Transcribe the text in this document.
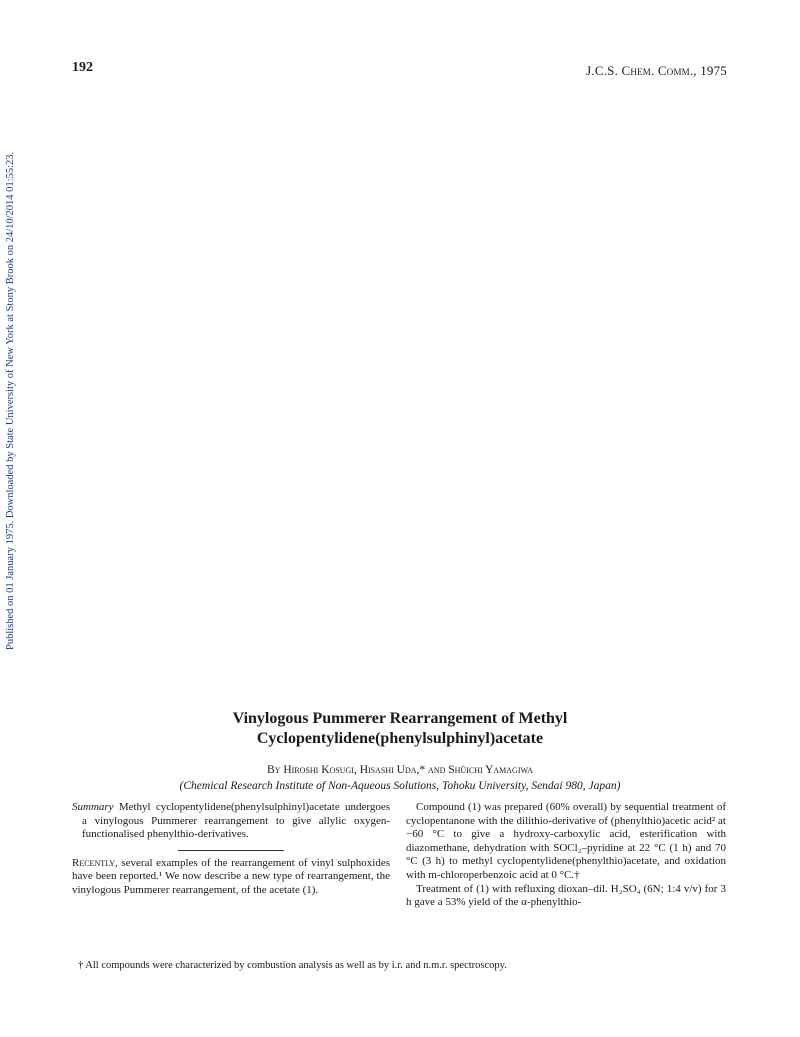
192	J.C.S. Chem. Comm., 1975
Published on 01 January 1975. Downloaded by State University of New York at Stony Brook on 24/10/2014 01:55:23.
Vinylogous Pummerer Rearrangement of Methyl
Cyclopentylidene(phenylsulphinyl)acetate
By Hiroshi Kosugi, Hisashi Uda,* and Shûichi Yamagiwa
(Chemical Research Institute of Non-Aqueous Solutions, Tohoku University, Sendai 980, Japan)

Summary Methyl cyclopentylidene(phenylsulphinyl)acetate undergoes a vinylogous Pummerer rearrangement to give allylic oxygen-functionalised phenylthio-derivatives.

Recently, several examples of the rearrangement of vinyl sulphoxides have been reported.¹ We now describe a new type of rearrangement, the vinylogous Pummerer rearrangement, of the acetate (1).

Compound (1) was prepared (60% overall) by sequential treatment of cyclopentanone with the dilithio-derivative of (phenylthio)acetic acid² at −60 °C to give a hydroxy-carboxylic acid, esterification with diazomethane, dehydration with SOCl₂–pyridine at 22 °C (1 h) and 70 °C (3 h) to methyl cyclopentylidene(phenylthio)acetate, and oxidation with m-chloroperbenzoic acid at 0 °C.†

Treatment of (1) with refluxing dioxan–dil. H₂SO₄ (6N; 1:4 v/v) for 3 h gave a 53% yield of the α-phenylthio-

† All compounds were characterized by combustion analysis as well as by i.r. and n.m.r. spectroscopy.
